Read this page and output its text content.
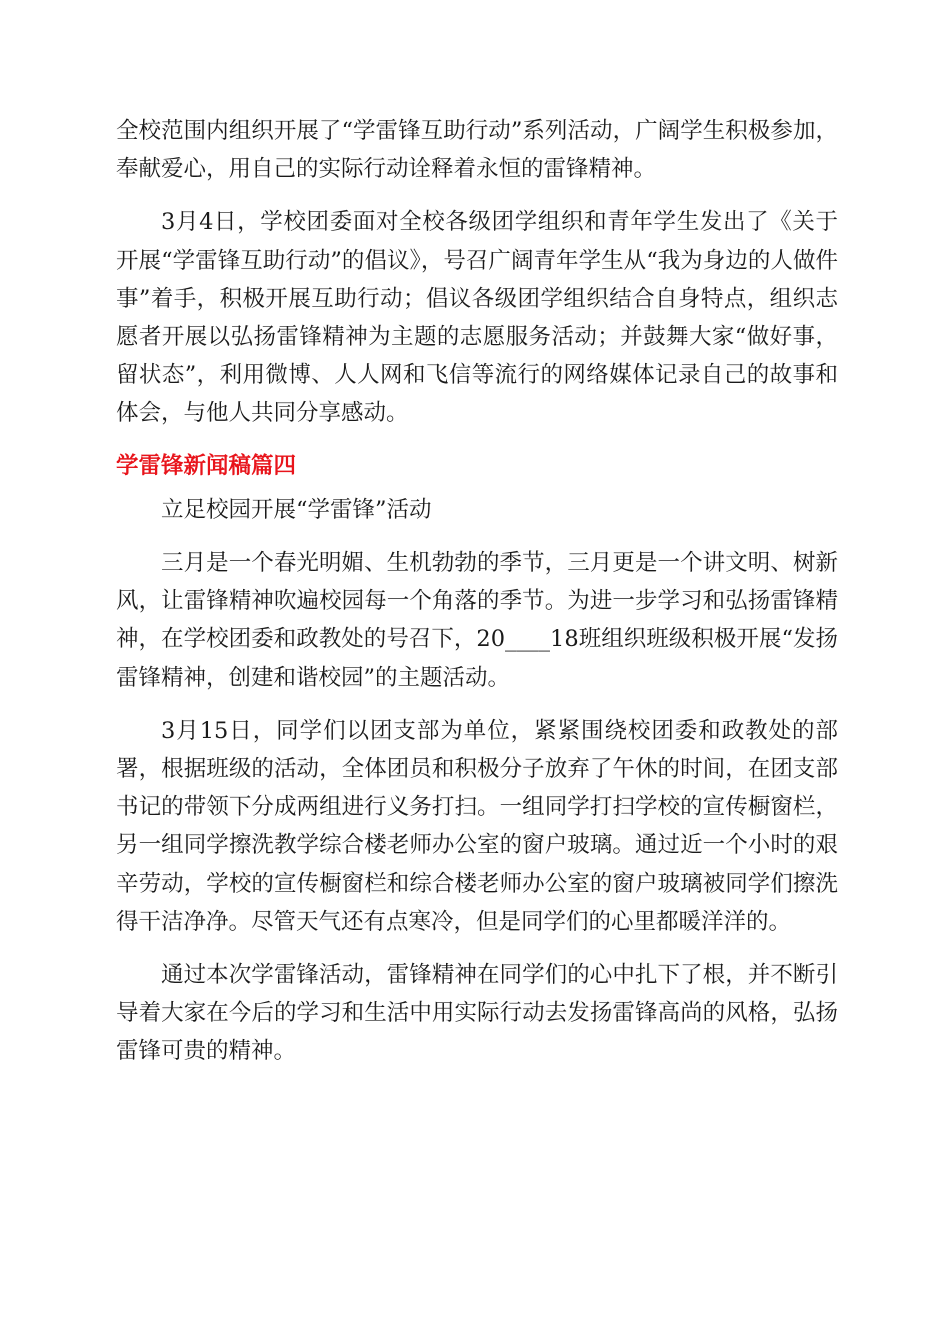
全校范围内组织开展了“学雷锋互助行动”系列活动，广阔学生积极参加，奉献爱心，用自己的实际行动诠释着永恒的雷锋精神。

3月4日，学校团委面对全校各级团学组织和青年学生发出了《关于开展“学雷锋互助行动”的倡议》，号召广阔青年学生从“我为身边的人做件事”着手，积极开展互助行动；倡议各级团学组织结合自身特点，组织志愿者开展以弘扬雷锋精神为主题的志愿服务活动；并鼓舞大家“做好事，留状态”，利用微博、人人网和飞信等流行的网络媒体记录自己的故事和体会，与他人共同分享感动。

学雷锋新闻稿篇四

立足校园开展“学雷锋”活动

三月是一个春光明媚、生机勃勃的季节，三月更是一个讲文明、树新风，让雷锋精神吹遍校园每一个角落的季节。为进一步学习和弘扬雷锋精神，在学校团委和政教处的号召下，20____18班组织班级积极开展“发扬雷锋精神，创建和谐校园”的主题活动。

3月15日，同学们以团支部为单位，紧紧围绕校团委和政教处的部署，根据班级的活动，全体团员和积极分子放弃了午休的时间，在团支部书记的带领下分成两组进行义务打扫。一组同学打扫学校的宣传橱窗栏，另一组同学擦洗教学综合楼老师办公室的窗户玻璃。通过近一个小时的艰辛劳动，学校的宣传橱窗栏和综合楼老师办公室的窗户玻璃被同学们擦洗得干洁净净。尽管天气还有点寒冷，但是同学们的心里都暖洋洋的。

通过本次学雷锋活动，雷锋精神在同学们的心中扎下了根，并不断引导着大家在今后的学习和生活中用实际行动去发扬雷锋高尚的风格，弘扬雷锋可贵的精神。
